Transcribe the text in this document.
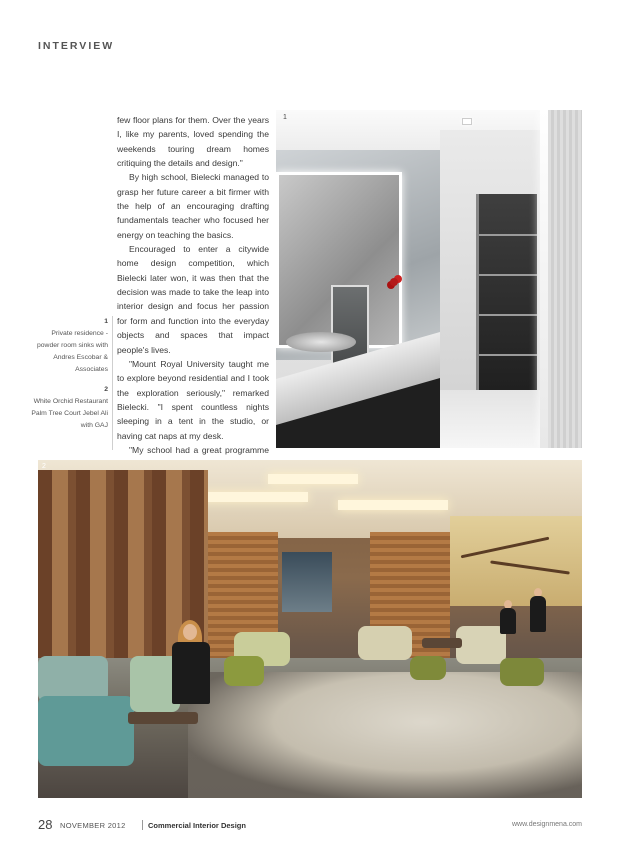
INTERVIEW

few floor plans for them. Over the years I, like my parents, loved spending the weekends touring dream homes critiquing the details and design."

By high school, Bielecki managed to grasp her future career a bit firmer with the help of an encouraging drafting fundamentals teacher who focused her energy on teaching the basics.

Encouraged to enter a citywide home design competition, which Bielecki later won, it was then that the decision was made to take the leap into interior design and focus her passion for form and function into the everyday objects and spaces that impact people's lives.

"Mount Royal University taught me to explore beyond residential and I took the exploration seriously," remarked Bielecki. "I spent countless nights sleeping in a tent in the studio, or having cat naps at my desk.

"My school had a great programme

1
Private residence - powder room sinks with Andres Escobar & Associates
2
White Orchid Restaurant Palm Tree Court Jebel Ali with GAJ

1

2

28 NOVEMBER 2012	Commercial Interior Design	www.designmena.com
